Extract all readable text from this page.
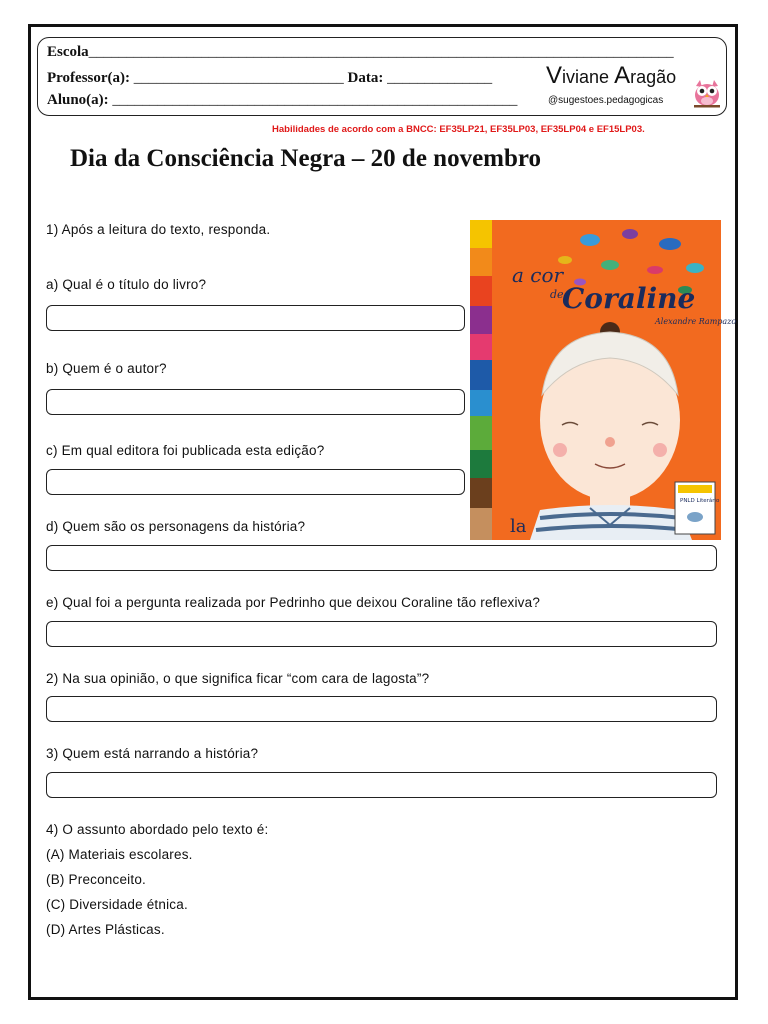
Escola______________________________________________________________________________
Professor(a): ____________________________ Data: ______________
Aluno(a): ______________________________________________________
Viviane Aragão
@sugestoes.pedagogicas
Habilidades de acordo com a BNCC: EF35LP21, EF35LP03, EF35LP04 e EF15LP03.
Dia da Consciência Negra – 20 de novembro
a cor
de
Coraline
Alexandre Rampazo
la
PNLD Literário
1) Após a leitura do texto, responda.
a) Qual é o título do livro?
b) Quem é o autor?
c) Em qual editora foi publicada esta edição?
d) Quem são os personagens da história?
e) Qual foi a pergunta realizada por Pedrinho que deixou Coraline tão reflexiva?
2) Na sua opinião, o que significa ficar “com cara de lagosta”?
3) Quem está narrando a história?
4) O assunto abordado pelo texto é:
(A) Materiais escolares.
(B) Preconceito.
(C) Diversidade étnica.
(D) Artes Plásticas.
